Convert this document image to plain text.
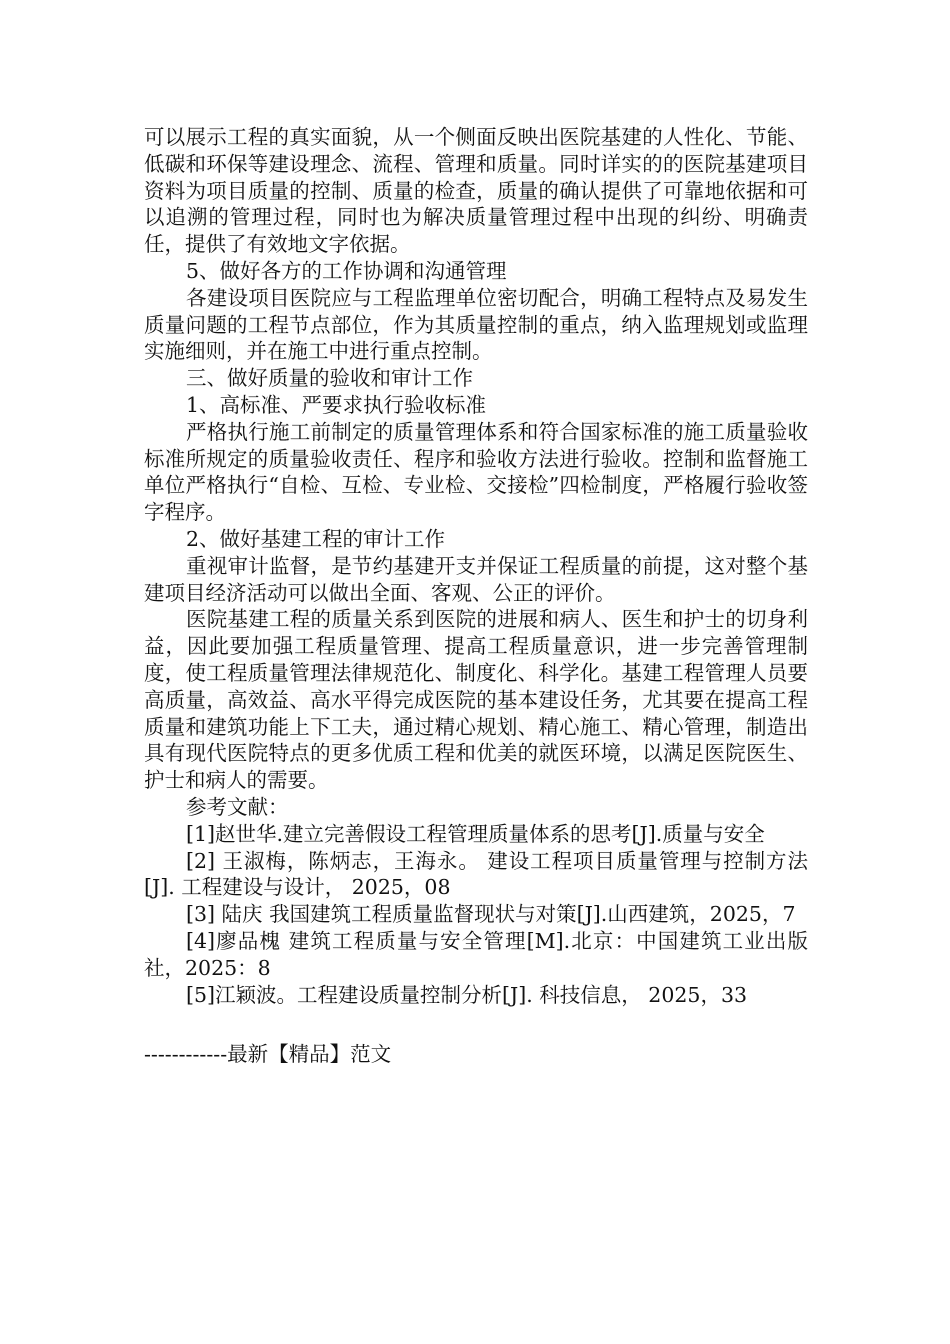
可以展示工程的真实面貌，从一个侧面反映出医院基建的人性化、节能、低碳和环保等建设理念、流程、管理和质量。同时详实的的医院基建项目资料为项目质量的控制、质量的检查，质量的确认提供了可靠地依据和可以追溯的管理过程，同时也为解决质量管理过程中出现的纠纷、明确责任，提供了有效地文字依据。

5、做好各方的工作协调和沟通管理

各建设项目医院应与工程监理单位密切配合，明确工程特点及易发生质量问题的工程节点部位，作为其质量控制的重点，纳入监理规划或监理实施细则，并在施工中进行重点控制。

三、做好质量的验收和审计工作

1、高标准、严要求执行验收标准

严格执行施工前制定的质量管理体系和符合国家标准的施工质量验收标准所规定的质量验收责任、程序和验收方法进行验收。控制和监督施工单位严格执行“自检、互检、专业检、交接检”四检制度，严格履行验收签字程序。

2、做好基建工程的审计工作

重视审计监督，是节约基建开支并保证工程质量的前提，这对整个基建项目经济活动可以做出全面、客观、公正的评价。

医院基建工程的质量关系到医院的进展和病人、医生和护士的切身利益，因此要加强工程质量管理、提高工程质量意识，进一步完善管理制度，使工程质量管理法律规范化、制度化、科学化。基建工程管理人员要高质量，高效益、高水平得完成医院的基本建设任务，尤其要在提高工程质量和建筑功能上下工夫，通过精心规划、精心施工、精心管理，制造出具有现代医院特点的更多优质工程和优美的就医环境，以满足医院医生、护士和病人的需要。

参考文献：

[1]赵世华.建立完善假设工程管理质量体系的思考[J].质量与安全

[2] 王淑梅，陈炳志，王海永。 建设工程项目质量管理与控制方法[J]. 工程建设与设计， 2025，08

[3] 陆庆 我国建筑工程质量监督现状与对策[J].山西建筑，2025，7

[4]廖品槐 建筑工程质量与安全管理[M].北京：中国建筑工业出版社，2025：8

[5]江颖波。工程建设质量控制分析[J]. 科技信息， 2025，33

------------最新【精品】范文
